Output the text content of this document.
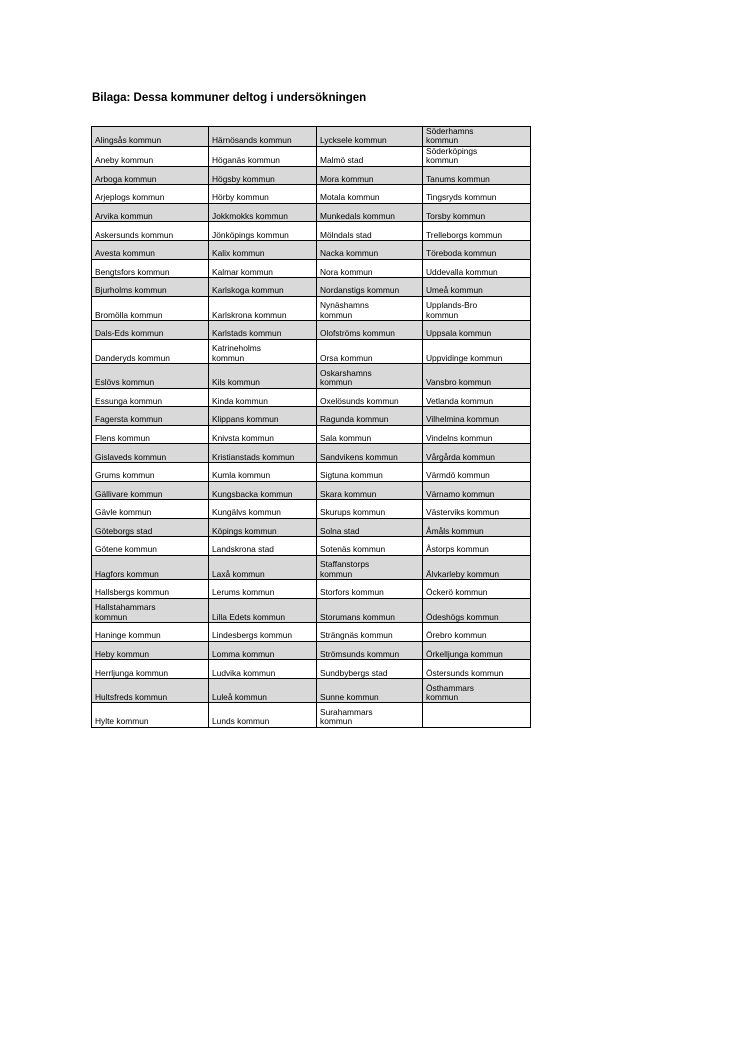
Bilaga: Dessa kommuner deltog i undersökningen
Alingsås kommun	Härnösands kommun	Lycksele kommun	Söderhamns
kommun
Aneby kommun	Höganäs kommun	Malmö stad	Söderköpings
kommun
Arboga kommun	Högsby kommun	Mora kommun	Tanums kommun
Arjeplogs kommun	Hörby kommun	Motala kommun	Tingsryds kommun
Arvika kommun	Jokkmokks kommun	Munkedals kommun	Torsby kommun
Askersunds kommun	Jönköpings kommun	Mölndals stad	Trelleborgs kommun
Avesta kommun	Kalix kommun	Nacka kommun	Töreboda kommun
Bengtsfors kommun	Kalmar kommun	Nora kommun	Uddevalla kommun
Bjurholms kommun	Karlskoga kommun	Nordanstigs kommun	Umeå kommun
Bromölla kommun	Karlskrona kommun	Nynäshamns
kommun	Upplands-Bro
kommun
Dals-Eds kommun	Karlstads kommun	Olofströms kommun	Uppsala kommun
Danderyds kommun	Katrineholms
kommun	Orsa kommun	Uppvidinge kommun
Eslövs kommun	Kils kommun	Oskarshamns
kommun	Vansbro kommun
Essunga kommun	Kinda kommun	Oxelösunds kommun	Vetlanda kommun
Fagersta kommun	Klippans kommun	Ragunda kommun	Vilhelmina kommun
Flens kommun	Knivsta kommun	Sala kommun	Vindelns kommun
Gislaveds kommun	Kristianstads kommun	Sandvikens kommun	Vårgårda kommun
Grums kommun	Kumla kommun	Sigtuna kommun	Värmdö kommun
Gällivare kommun	Kungsbacka kommun	Skara kommun	Värnamo kommun
Gävle kommun	Kungälvs kommun	Skurups kommun	Västerviks kommun
Göteborgs stad	Köpings kommun	Solna stad	Åmåls kommun
Götene kommun	Landskrona stad	Sotenäs kommun	Åstorps kommun
Hagfors kommun	Laxå kommun	Staffanstorps
kommun	Älvkarleby kommun
Hallsbergs kommun	Lerums kommun	Storfors kommun	Öckerö kommun
Hallstahammars
kommun	Lilla Edets kommun	Storumans kommun	Ödeshögs kommun
Haninge kommun	Lindesbergs kommun	Strängnäs kommun	Örebro kommun
Heby kommun	Lomma kommun	Strömsunds kommun	Örkelljunga kommun
Herrljunga kommun	Ludvika kommun	Sundbybergs stad	Östersunds kommun
Hultsfreds kommun	Luleå kommun	Sunne kommun	Östhammars
kommun
Hylte kommun	Lunds kommun	Surahammars
kommun	
